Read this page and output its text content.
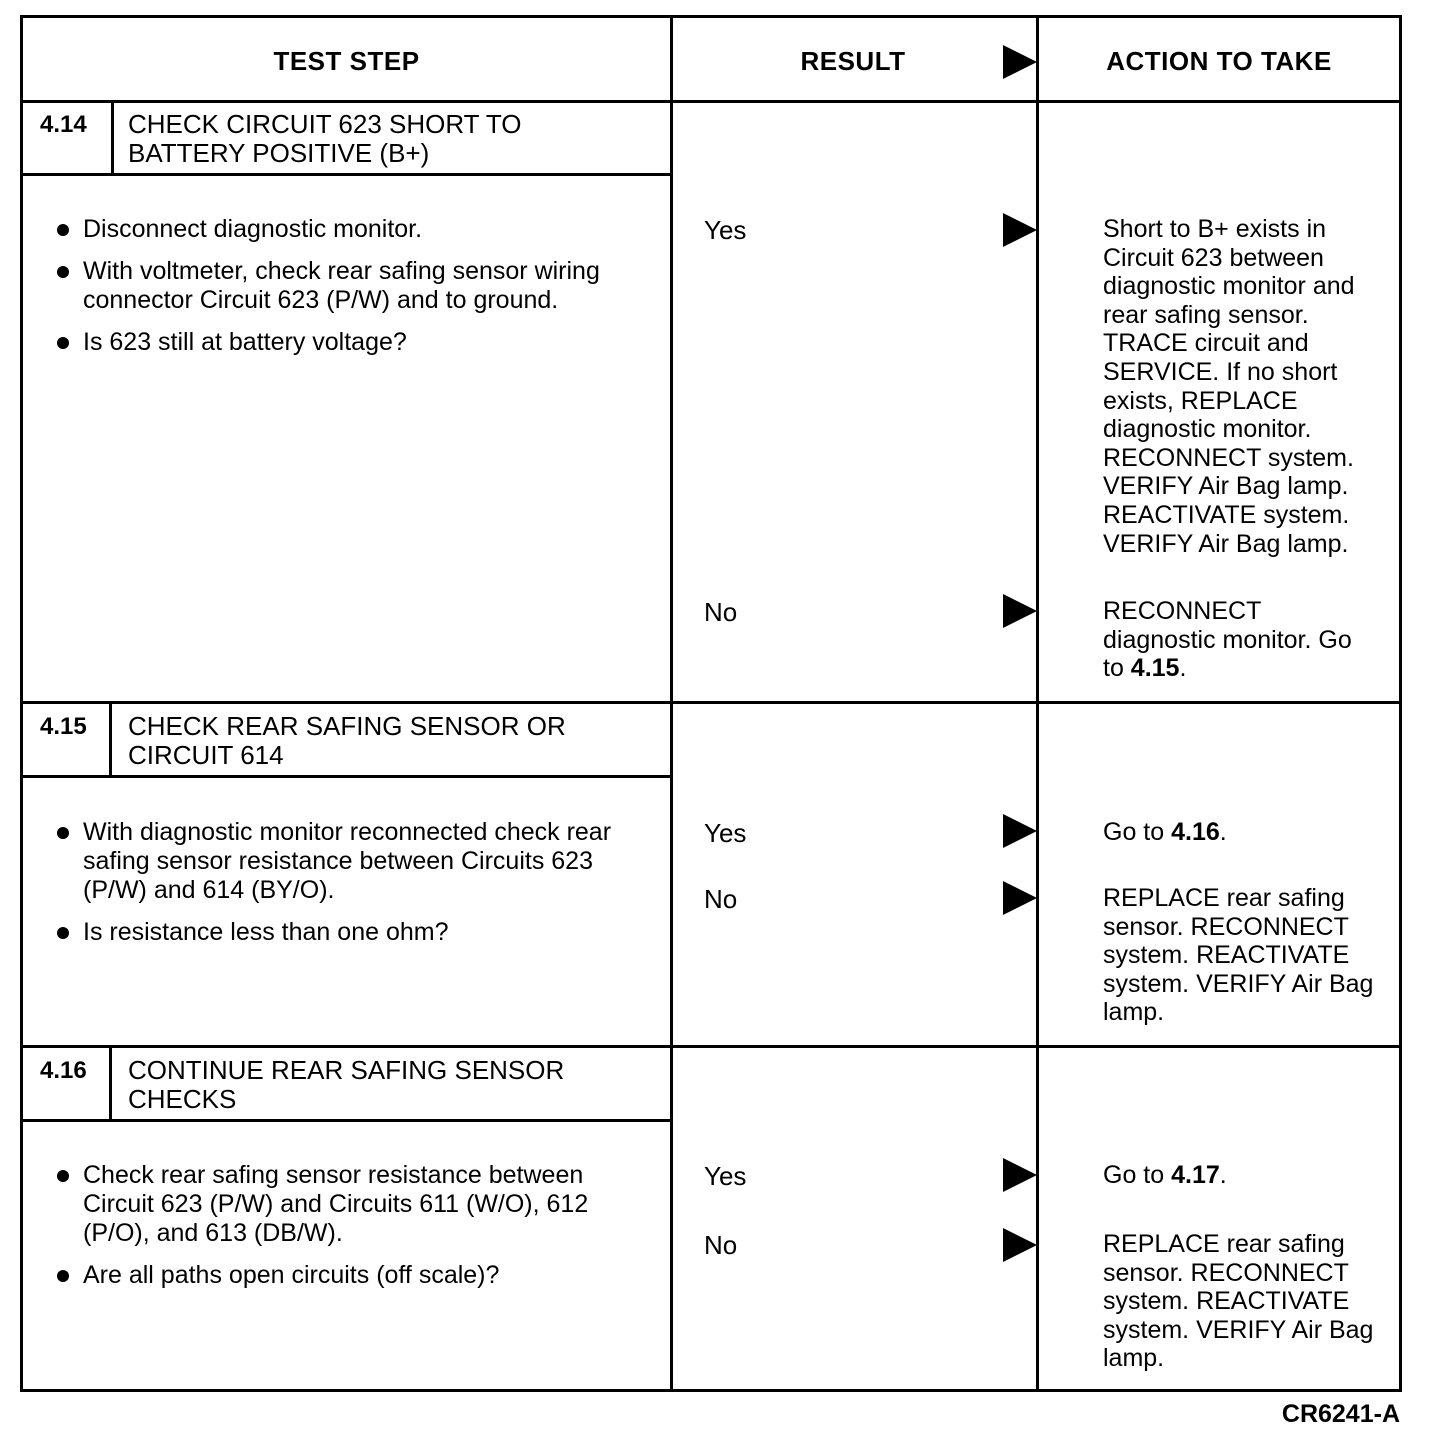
TEST STEP	RESULT	ACTION TO TAKE
4.14 CHECK CIRCUIT 623 SHORT TO BATTERY POSITIVE (B+)
Disconnect diagnostic monitor.
With voltmeter, check rear safing sensor wiring connector Circuit 623 (P/W) and to ground.
Is 623 still at battery voltage?
Yes	Short to B+ exists in Circuit 623 between diagnostic monitor and rear safing sensor. TRACE circuit and SERVICE. If no short exists, REPLACE diagnostic monitor. RECONNECT system. VERIFY Air Bag lamp. REACTIVATE system. VERIFY Air Bag lamp.
No	RECONNECT diagnostic monitor. Go to 4.15.
4.15 CHECK REAR SAFING SENSOR OR CIRCUIT 614
With diagnostic monitor reconnected check rear safing sensor resistance between Circuits 623 (P/W) and 614 (BY/O).
Is resistance less than one ohm?
Yes	Go to 4.16.
No	REPLACE rear safing sensor. RECONNECT system. REACTIVATE system. VERIFY Air Bag lamp.
4.16 CONTINUE REAR SAFING SENSOR CHECKS
Check rear safing sensor resistance between Circuit 623 (P/W) and Circuits 611 (W/O), 612 (P/O), and 613 (DB/W).
Are all paths open circuits (off scale)?
Yes	Go to 4.17.
No	REPLACE rear safing sensor. RECONNECT system. REACTIVATE system. VERIFY Air Bag lamp.
CR6241-A
